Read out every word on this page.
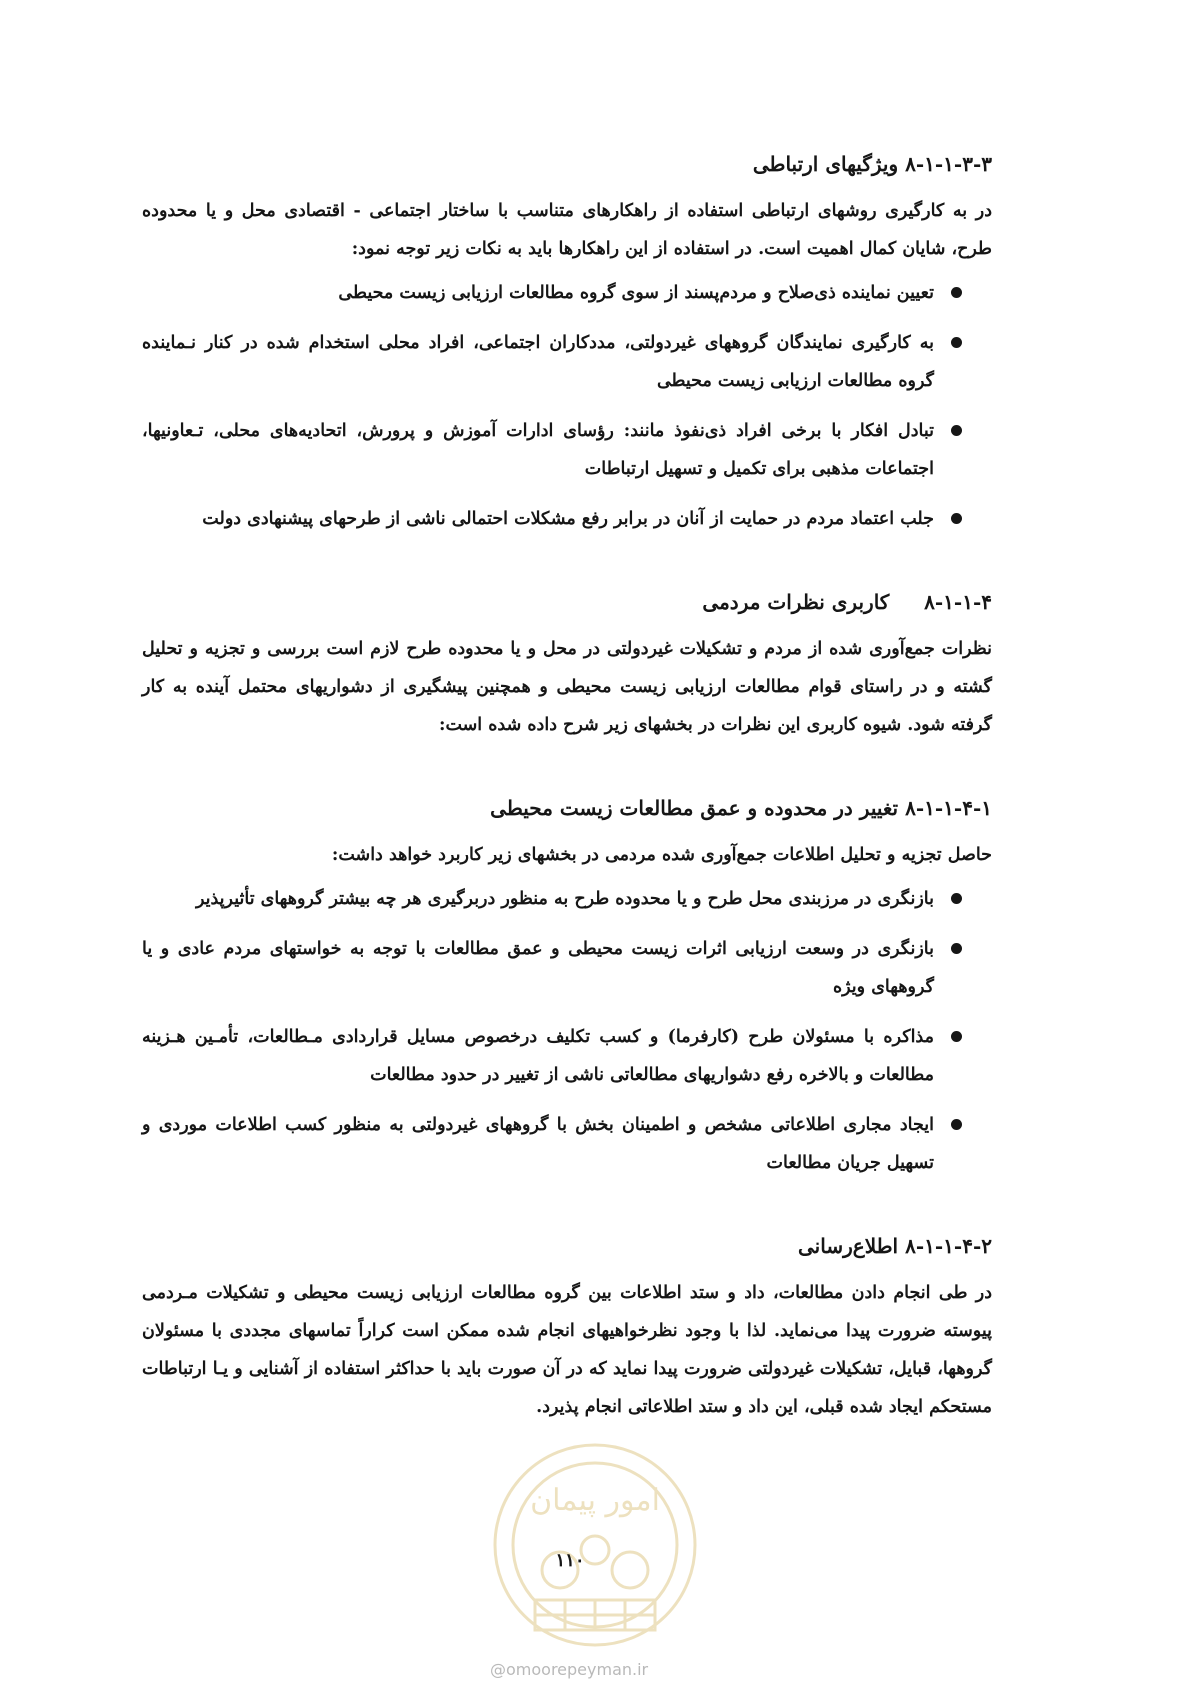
۸-۱-۱-۳-۳ ویژگیهای ارتباطی

در به کارگیری روشهای ارتباطی استفاده از راهکارهای متناسب با ساختار اجتماعی - اقتصادی محل و یا محدوده طرح، شایان کمال اهمیت است. در استفاده از این راهکارها باید به نکات زیر توجه نمود:

تعیین نماینده ذی‌صلاح و مردم‌پسند از سوی گروه مطالعات ارزیابی زیست محیطی
به کارگیری نمایندگان گروههای غیردولتی، مددکاران اجتماعی، افراد محلی استخدام شده در کنار نـماینده گروه مطالعات ارزیابی زیست محیطی
تبادل افکار با برخی افراد ذی‌نفوذ مانند: رؤسای ادارات آموزش و پرورش، اتحادیه‌های محلی، تـعاونیها، اجتماعات مذهبی برای تکمیل و تسهیل ارتباطات
جلب اعتماد مردم در حمایت از آنان در برابر رفع مشکلات احتمالی ناشی از طرحهای پیشنهادی دولت
۸-۱-۱-۴     کاربری نظرات مردمی

نظرات جمع‌آوری شده از مردم و تشکیلات غیردولتی در محل و یا محدوده طرح لازم است بررسی و تجزیه و تحلیل گشته و در راستای قوام مطالعات ارزیابی زیست محیطی و همچنین پیشگیری از دشواریهای محتمل آینده به کار گرفته شود. شیوه کاربری این نظرات در بخشهای زیر شرح داده شده است:

۸-۱-۱-۴-۱ تغییر در محدوده و عمق مطالعات زیست محیطی

حاصل تجزیه و تحلیل اطلاعات جمع‌آوری شده مردمی در بخشهای زیر کاربرد خواهد داشت:

بازنگری در مرزبندی محل طرح و یا محدوده طرح به منظور دربرگیری هر چه بیشتر گروههای تأثیرپذیر
بازنگری در وسعت ارزیابی اثرات زیست محیطی و عمق مطالعات با توجه به خواستهای مردم عادی و یا گروههای ویژه
مذاکره با مسئولان طرح (کارفرما) و کسب تکلیف درخصوص مسایل قراردادی مـطالعات، تأمـین هـزینه مطالعات و بالاخره رفع دشواریهای مطالعاتی ناشی از تغییر در حدود مطالعات
ایجاد مجاری اطلاعاتی مشخص و اطمینان بخش با گروههای غیردولتی به منظور کسب اطلاعات موردی و تسهیل جریان مطالعات
۸-۱-۱-۴-۲ اطلاع‌رسانی

در طی انجام دادن مطالعات، داد و ستد اطلاعات بین گروه مطالعات ارزیابی زیست محیطی و تشکیلات مـردمی پیوسته ضرورت پیدا می‌نماید. لذا با وجود نظرخواهیهای انجام شده ممکن است کراراً تماسهای مجددی با مسئولان گروهها، قبایل، تشکیلات غیردولتی ضرورت پیدا نماید که در آن صورت باید با حداکثر استفاده از آشنایی و یـا ارتباطات مستحکم ایجاد شده قبلی، این داد و ستد اطلاعاتی انجام پذیرد.

امور پیمان
۱۱۰
@omoorepeyman.ir
